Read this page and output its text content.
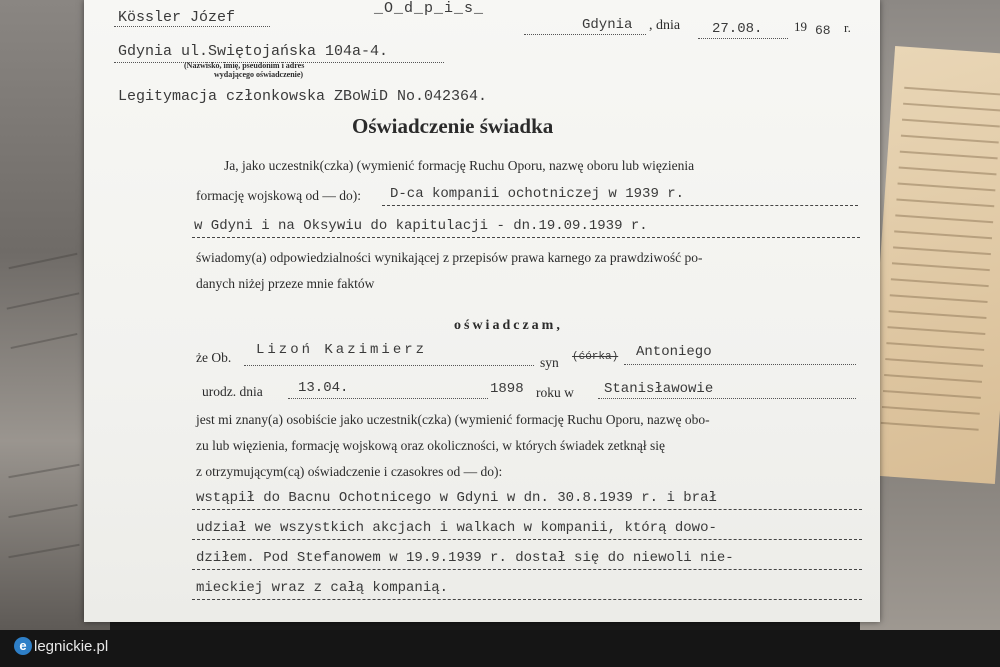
Kössler Józef
_O_d_p_i_s_
Gdynia , dnia 27.08. 19 68 r.
Gdynia ul.Swiętojańska 104a-4.
(Nazwisko, imię, pseudonim i adres
wydającego oświadczenie)
Legitymacja członkowska ZBoWiD No.042364.
Oświadczenie świadka
Ja, jako uczestnik(czka) (wymienić formację Ruchu Oporu, nazwę oboru lub więzienia
formację wojskową od — do): D-ca kompanii ochotniczej w 1939 r.
w Gdyni i na Oksywiu do kapitulacji - dn.19.09.1939 r.
świadomy(a) odpowiedzialności wynikającej z przepisów prawa karnego za prawdziwość po-
danych niżej przeze mnie faktów
oświadczam,
że Ob. Lizoń Kazimierz
syn (ćórka) Antoniego
urodz. dnia	13.04.	1898 roku w Stanisławowie
jest mi znany(a) osobiście jako uczestnik(czka) (wymienić formację Ruchu Oporu, nazwę obo-
zu lub więzienia, formację wojskową oraz okoliczności, w których świadek zetknął się
z otrzymującym(cą) oświadczenie i czasokres od — do):
wstąpił do Bacnu Ochotnicego w Gdyni w dn. 30.8.1939 r. i brał
udział we wszystkich akcjach i walkach w kompanii, którą dowo-
dziłem. Pod Stefanowem w 19.9.1939 r. dostał się do niewoli nie-
mieckiej wraz z całą kompanią.
e legnickie.pl
